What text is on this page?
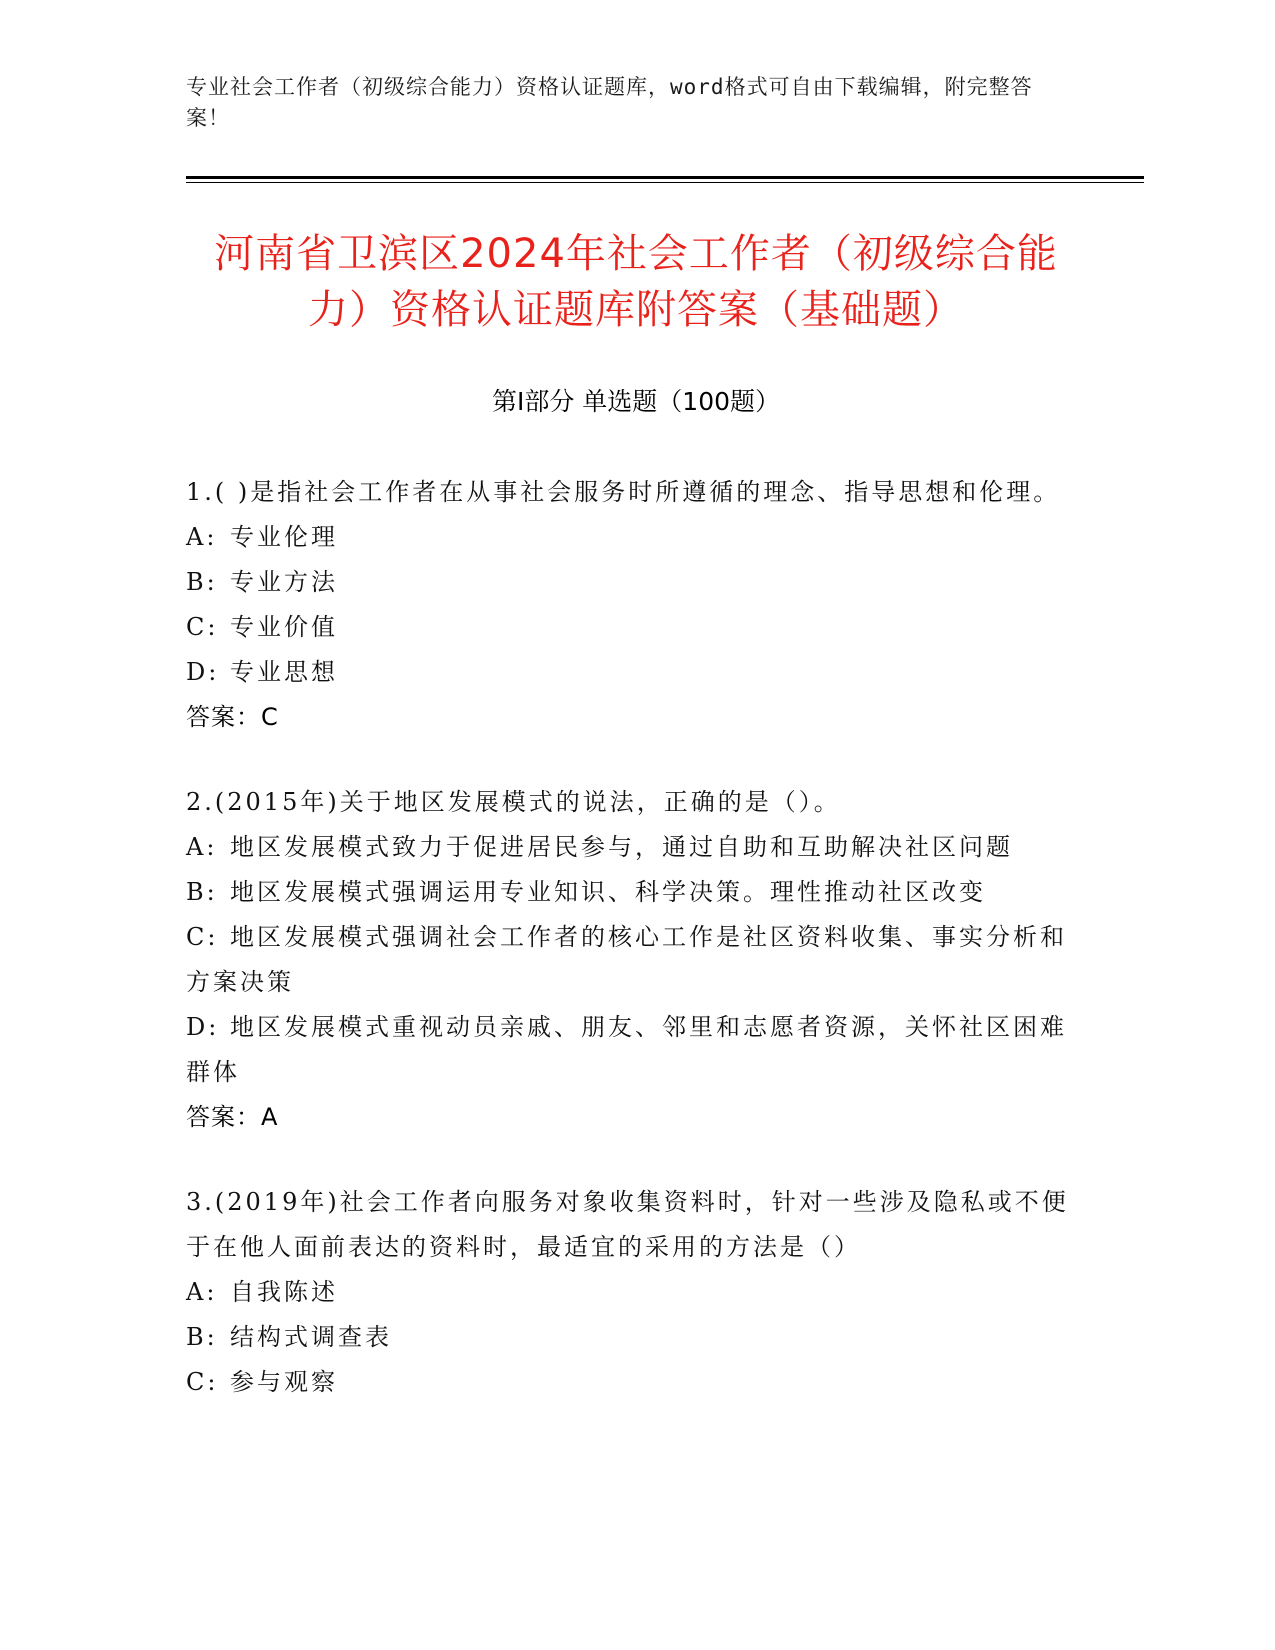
专业社会工作者（初级综合能力）资格认证题库，word格式可自由下载编辑，附完整答案！
河南省卫滨区2024年社会工作者（初级综合能力）资格认证题库附答案（基础题）
第Ⅰ部分 单选题（100题）
1.( )是指社会工作者在从事社会服务时所遵循的理念、指导思想和伦理。
A: 专业伦理
B: 专业方法
C: 专业价值
D: 专业思想
答案：C
2.(2015年)关于地区发展模式的说法，正确的是（）。
A: 地区发展模式致力于促进居民参与，通过自助和互助解决社区问题
B: 地区发展模式强调运用专业知识、科学决策。理性推动社区改变
C: 地区发展模式强调社会工作者的核心工作是社区资料收集、事实分析和方案决策
D: 地区发展模式重视动员亲戚、朋友、邻里和志愿者资源，关怀社区困难群体
答案：A
3.(2019年)社会工作者向服务对象收集资料时，针对一些涉及隐私或不便于在他人面前表达的资料时，最适宜的采用的方法是（）
A: 自我陈述
B: 结构式调查表
C: 参与观察
